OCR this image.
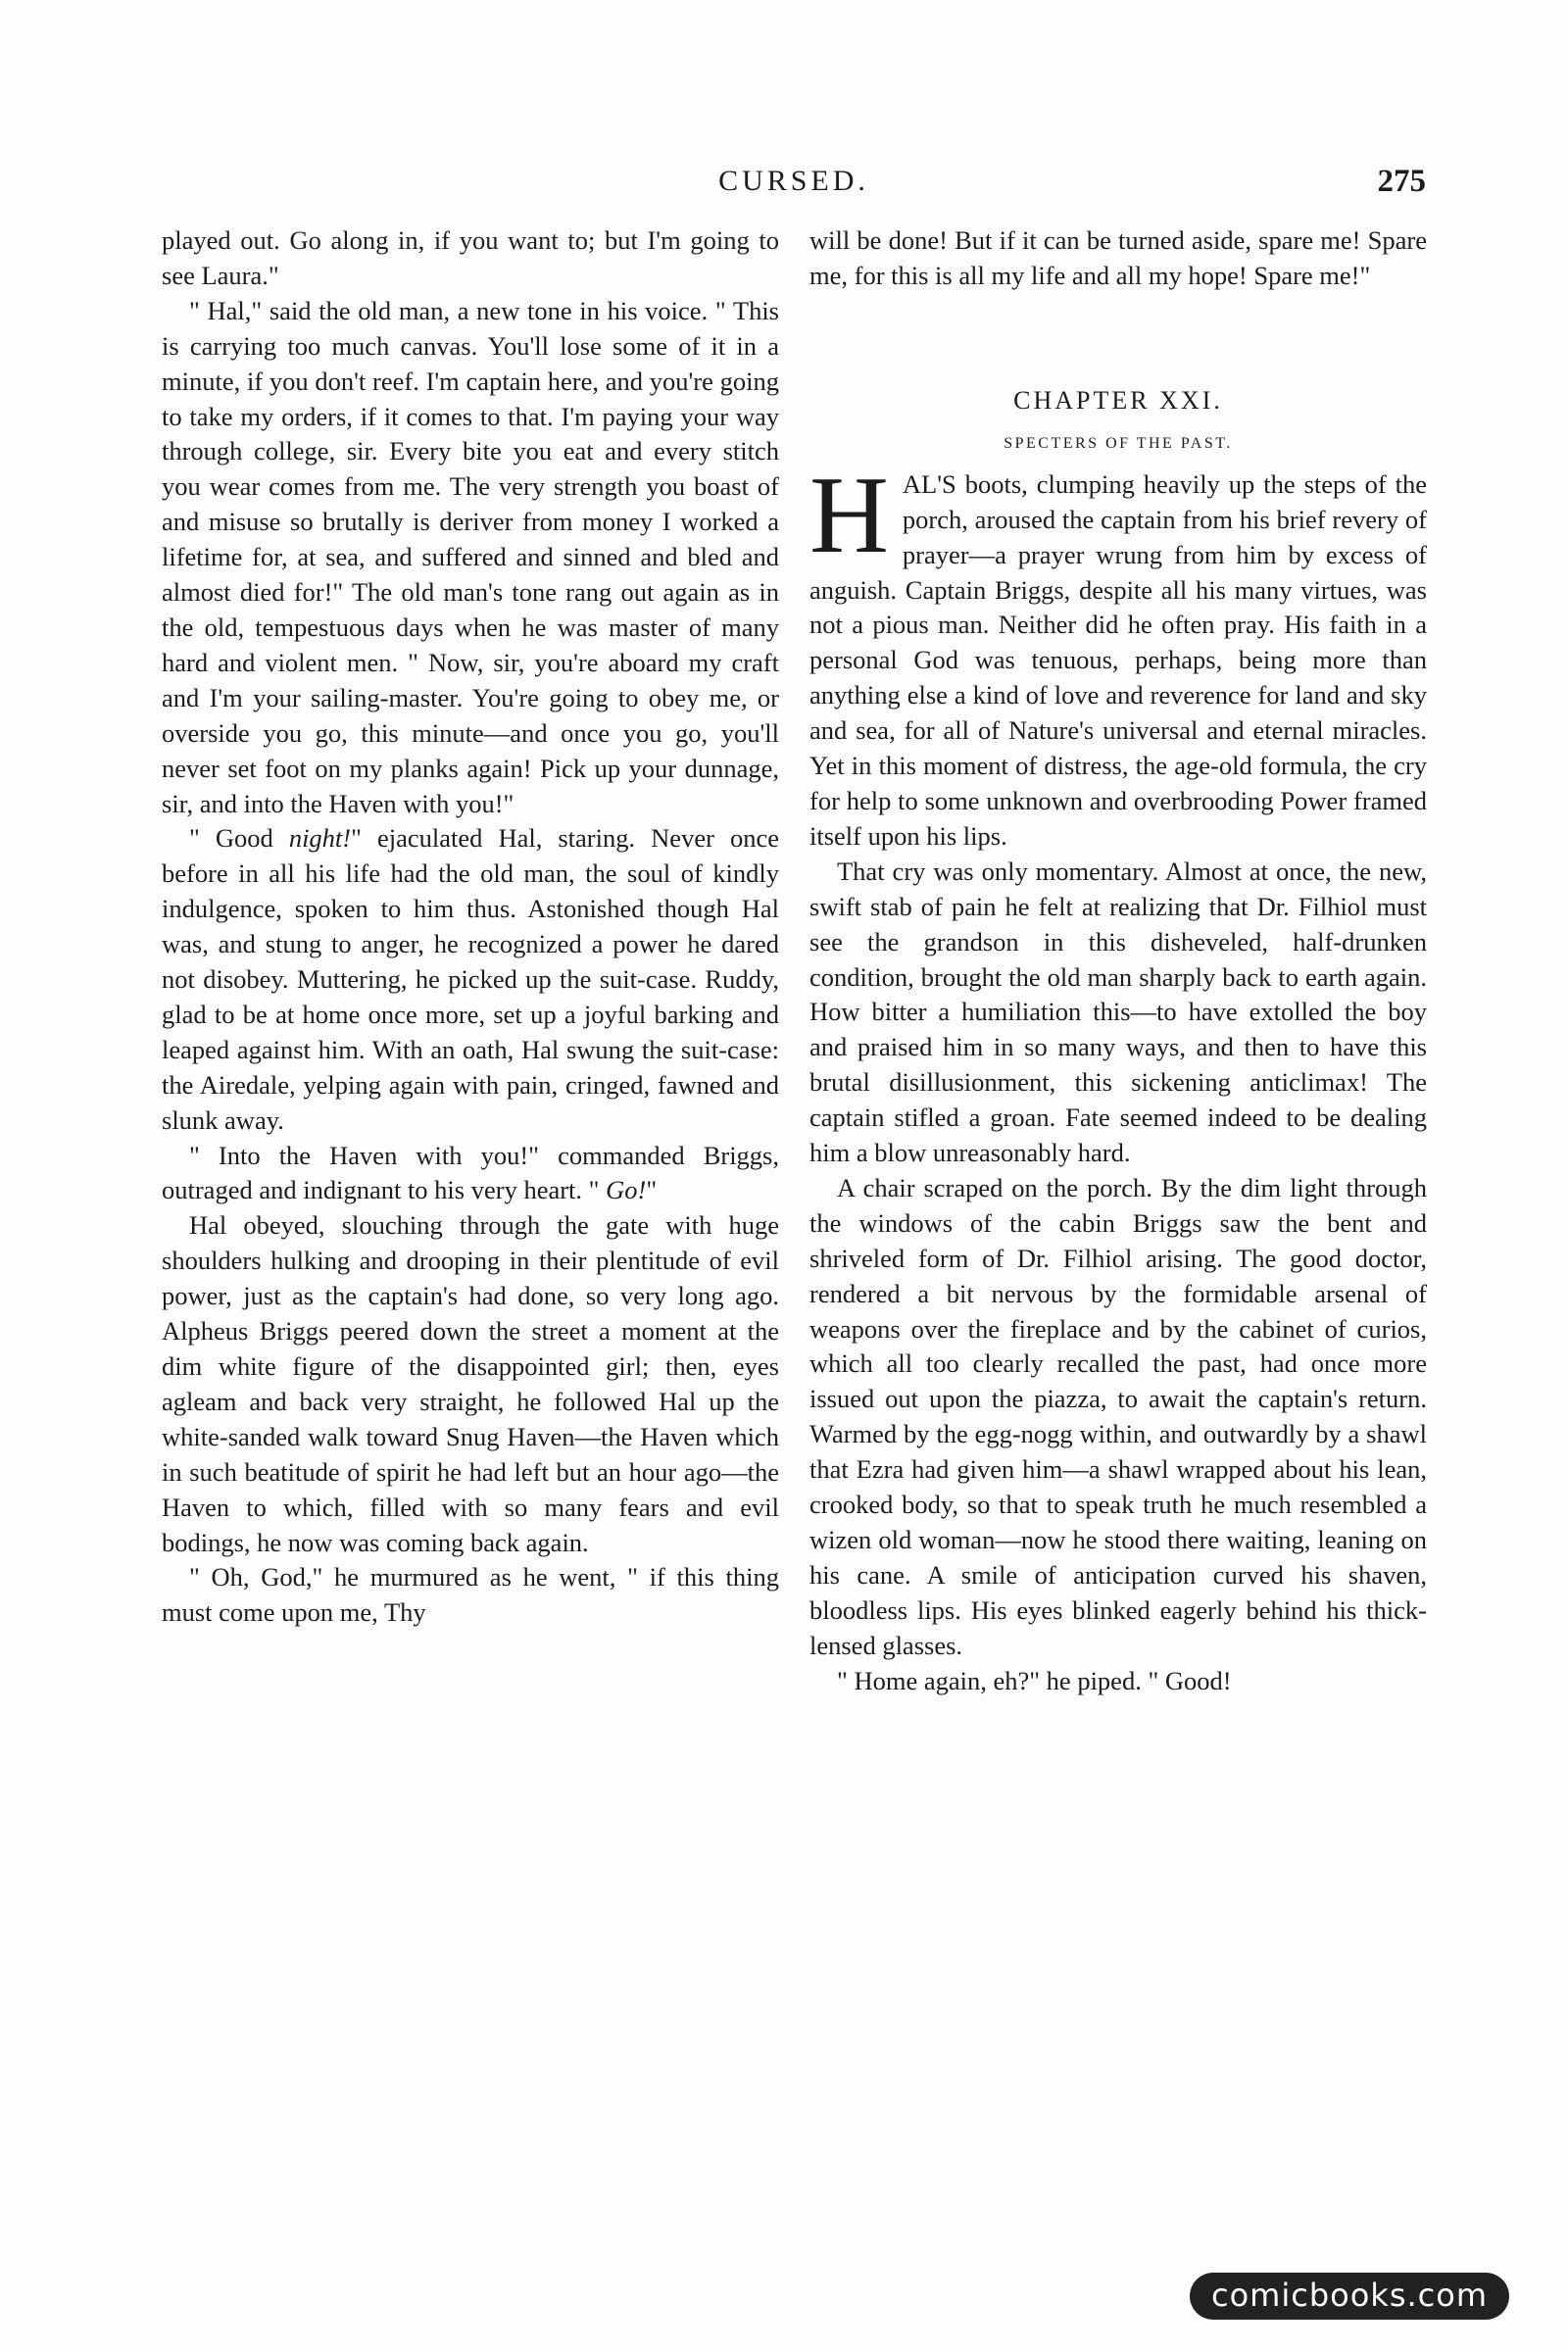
CURSED.	275

played out. Go along in, if you want to; but I'm going to see Laura."

" Hal," said the old man, a new tone in his voice. " This is carrying too much canvas. You'll lose some of it in a minute, if you don't reef. I'm captain here, and you're going to take my orders, if it comes to that. I'm paying your way through college, sir. Every bite you eat and every stitch you wear comes from me. The very strength you boast of and misuse so brutally is deriver from money I worked a lifetime for, at sea, and suffered and sinned and bled and almost died for!" The old man's tone rang out again as in the old, tempestuous days when he was master of many hard and violent men. " Now, sir, you're aboard my craft and I'm your sailing-master. You're going to obey me, or overside you go, this minute—and once you go, you'll never set foot on my planks again! Pick up your dunnage, sir, and into the Haven with you!"

" Good night!" ejaculated Hal, staring. Never once before in all his life had the old man, the soul of kindly indulgence, spoken to him thus. Astonished though Hal was, and stung to anger, he recognized a power he dared not disobey. Muttering, he picked up the suit-case. Ruddy, glad to be at home once more, set up a joyful barking and leaped against him. With an oath, Hal swung the suit-case: the Airedale, yelping again with pain, cringed, fawned and slunk away.

" Into the Haven with you!" commanded Briggs, outraged and indignant to his very heart. " Go!"

Hal obeyed, slouching through the gate with huge shoulders hulking and drooping in their plentitude of evil power, just as the captain's had done, so very long ago. Alpheus Briggs peered down the street a moment at the dim white figure of the disappointed girl; then, eyes agleam and back very straight, he followed Hal up the white-sanded walk toward Snug Haven—the Haven which in such beatitude of spirit he had left but an hour ago—the Haven to which, filled with so many fears and evil bodings, he now was coming back again.

" Oh, God," he murmured as he went, " if this thing must come upon me, Thy

will be done! But if it can be turned aside, spare me! Spare me, for this is all my life and all my hope! Spare me!"

CHAPTER XXI.
SPECTERS OF THE PAST.

HAL'S boots, clumping heavily up the steps of the porch, aroused the captain from his brief revery of prayer—a prayer wrung from him by excess of anguish. Captain Briggs, despite all his many virtues, was not a pious man. Neither did he often pray. His faith in a personal God was tenuous, perhaps, being more than anything else a kind of love and reverence for land and sky and sea, for all of Nature's universal and eternal miracles. Yet in this moment of distress, the age-old formula, the cry for help to some unknown and overbrooding Power framed itself upon his lips.

That cry was only momentary. Almost at once, the new, swift stab of pain he felt at realizing that Dr. Filhiol must see the grandson in this disheveled, half-drunken condition, brought the old man sharply back to earth again. How bitter a humiliation this—to have extolled the boy and praised him in so many ways, and then to have this brutal disillusionment, this sickening anticlimax! The captain stifled a groan. Fate seemed indeed to be dealing him a blow unreasonably hard.

A chair scraped on the porch. By the dim light through the windows of the cabin Briggs saw the bent and shriveled form of Dr. Filhiol arising. The good doctor, rendered a bit nervous by the formidable arsenal of weapons over the fireplace and by the cabinet of curios, which all too clearly recalled the past, had once more issued out upon the piazza, to await the captain's return. Warmed by the egg-nogg within, and outwardly by a shawl that Ezra had given him—a shawl wrapped about his lean, crooked body, so that to speak truth he much resembled a wizen old woman—now he stood there waiting, leaning on his cane. A smile of anticipation curved his shaven, bloodless lips. His eyes blinked eagerly behind his thick-lensed glasses.

" Home again, eh?" he piped. " Good!

comicbooks.com
